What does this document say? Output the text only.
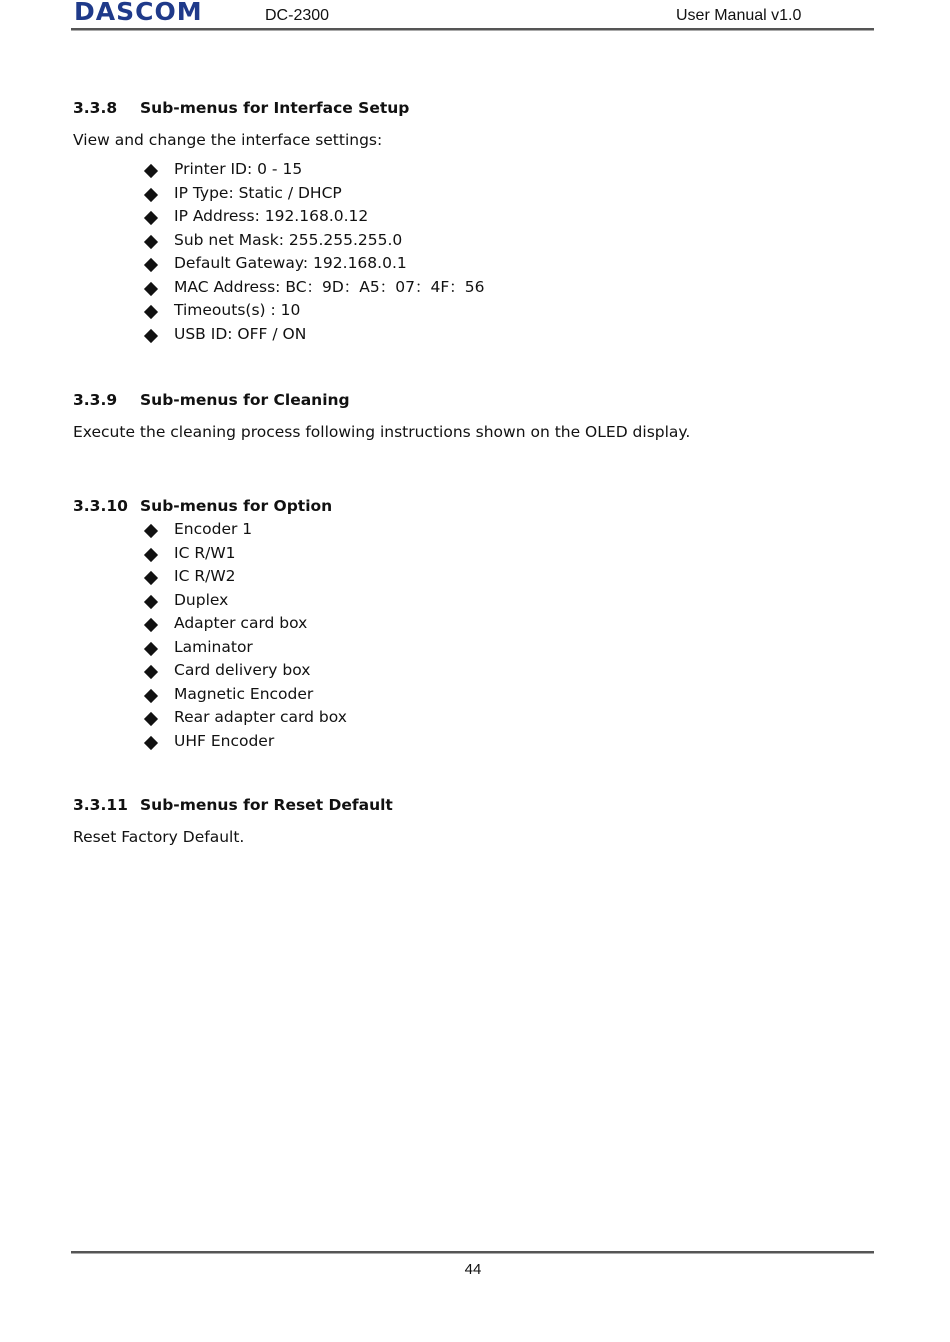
DASCOM	DC-2300	User Manual v1.0
3.3.8	Sub-menus for Interface Setup
View and change the interface settings:
Printer ID: 0 - 15
IP Type: Static / DHCP
IP Address: 192.168.0.12
Sub net Mask: 255.255.255.0
Default Gateway: 192.168.0.1
MAC Address: BC：9D：A5：07：4F：56
Timeouts(s) : 10
USB ID: OFF / ON
3.3.9	Sub-menus for Cleaning
Execute the cleaning process following instructions shown on the OLED display.
3.3.10 Sub-menus for Option
Encoder 1
IC R/W1
IC R/W2
Duplex
Adapter card box
Laminator
Card delivery box
Magnetic Encoder
Rear adapter card box
UHF Encoder
3.3.11 Sub-menus for Reset Default
Reset Factory Default.
44
